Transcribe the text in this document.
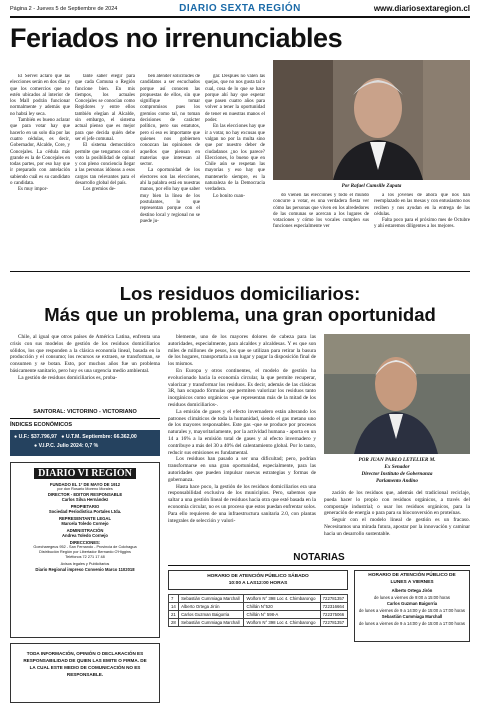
Página 2 - Jueves 5 de Septiembre de 2024	DIARIO SEXTA REGIÓN	www.diariosextaregion.cl
Feriados no irrenunciables

El Servel aclaró que las elecciones serán en dos días y que los comercios que no estén ubicados al interior de los Mall podrán funcionar normalmente y además que no habrá ley seca.

También es bueno aclarar que para votar hay que hacerlo en un solo día por las cuatro cédulas, es decir, Gobernador, Alcalde, Core, y Concejales. La cédula más grande es la de Concejales en todas partes, por eso hay que ir preparado con antelación sabiendo cuál es su candidato o candidata.

Es muy impor-

tante saber elegir para que cada Comuna o Región funcione bien. En mis tiempos, los actuales Concejales se conocían como Regidores y entre ellos también elegían al Alcalde, sin embargo, el sistema actual pienso que es mejor para que decida quién debe ser el jefe comunal.

El sistema democrático permite que tengamos con el voto la posibilidad de opinar y con pleno conciencia llegar a las personas idóneas a esos cargos tan relevantes para el desarrollo global del país.

Los gremios de-

ben atender solicitudes de candidatos a ser escuchados porque así conocen las propuestas de ellos, sin que signifique tomar compromisos pues los gremios como tal, no toman decisiones de carácter político, pero sus estatutos, pero sí eso es importante que quienes nos gobiernen conozcan las opiniones de aquellos que piensan en materias que interesan al sector.

La oportunidad de los electores son las elecciones, ahí la palabra está en nuestras manos, por ello hay que saber muy bien la línea de los postulantes, lo que representan porque con el destino local y regional no se puede ju-

gar. Después no valen las quejas, que no nos gusta tal o cual, cosa de lo que se hace porque ahí hay que esperar que pasen cuatro años para volver a tener la oportunidad de tener en nuestras manos el poder.

En las elecciones hay que ir a votar, no hay excusas que valgan no por la multa sino que por nuestro deber de ciudadanos ¿no los parece? Elecciones, lo bueno que en Chile aún se respetan las mayorías y eso hay que mantenerlo siempre, es la naturaleza de la Democracia verdadera.

Lo bonito cuan-

Por Rafael Cumsille Zapata

do vienen las elecciones y todo el mundo concurre a votar, es una verdadera fiesta ver cómo las personas que viven en los alrededores de las comunas se acercan a los lugares de votaciones y cómo los vocales cumplen sus funciones especialmente ver

a los jóvenes de ahora que nos han reemplazado en las mesas y con entusiasmo nos reciben y nos ayudan en la entrega de las cédulas.

Falta poco para el próximo mes de Octubre y ahí estaremos diligentes a los mejores.

Los residuos domiciliarios:
Más que un problema, una gran oportunidad

Chile, al igual que otros países de América Latina, enfrenta una crisis con sus modelos de gestión de los residuos domiciliarios sólidos, los que responden a la clásica economía lineal, basada en la producción y el consumo; los recursos se extraen, se transforman, se consumen y se botan. Esto, por muchos años fue un problema básicamente sanitario, pero hoy es una urgencia medio ambiental.

La gestión de residuos domiciliarios es, proba-

blemente, uno de los mayores dolores de cabeza para las autoridades, especialmente, para alcaldes y alcaldesas. Y es que son miles de millones de pesos, los que se utilizan para retirar la basura de los hogares, transportarla a un lugar y pagar la disposición final de los mismos.

En Europa y otros continentes, el modelo de gestión ha evolucionado hacia la economía circular, la que permite recuperar, valorizar y transformar los residuos. Es decir, además de las clásicas 3R, han ocupado fórmulas que permiten valorizar los residuos tanto inorgánicos como orgánicos -que representan más de la mitad de los residuos domiciliarios-.

La emisión de gases y el efecto invernadero están alterando los patrones climáticos de toda la humanidad, siendo el gas metano uno de los mayores responsables. Este gas -que se produce por procesos naturales y, mayoritariamente, por la actividad humana - aporta en un 14 a 16% a la emisión total de gases y al efecto invernadero y contribuye a más del 30 a 40% del calentamiento global. Por lo tanto, reducir sus emisiones es fundamental.

Los residuos han pasado a ser una dificultad; pero, podrían transformarse en una gran oportunidad, especialmente, para las autoridades que pueden impulsar nuevas estrategias y formas de gobernanza.

Hasta hace poco, la gestión de los residuos domiciliarios era una responsabilidad exclusiva de los municipios. Pero, sabemos que saltar a una gestión lineal de residuos hacia otra que esté basada en la economía circular, no es un proceso que estos puedan enfrentar solos. Para ello requieren de una infraestructura sanitaria 2.0, con plantas integrales de selección y valori-

POR JUAN PABLO LETELIER M.
Ex Senador
Director Instituto de Gobernanza
Parlamento Andino

zación de los residuos que, además del tradicional reciclaje, pueda hacer lo propio con residuos orgánicos, a través del compostaje industrial; o usar los residuos orgánicos, para la generación de energía o para para su bioconversión en proteínas.

Seguir con el modelo lineal de gestión es un fracaso. Necesitamos una mirada futura, apostar por la innovación y caminar hacia un desarrollo sustentable.

SANTORAL: VICTORINO - VICTORIANO
ÍNDICES ECONÓMICOS
● U.F.: $37.796,97 ● U.T.M. Septiembre: 66.362,00
● V.I.P.C. Julio 2024: 0,7 %
DIARIO VI REGIÓN
FUNDADO EL 1º DE MAYO DE 1912
por don Rosario Moreno Morales
DIRECTOR - EDITOR RESPONSABLE
Carlos Silva Hernández
PROPIETARIO
Sociedad Periodística Portales Ltda.
REPRESENTANTE LEGAL
Marcela Toledo Cornejo
ADMINISTRACIÓN
Andrea Toledo Cornejo
DIRECCIONES:
Goecharegeus 952 - San Fernando - Provincia de Colchagua
Distribución Región por Libertador Bernardo O'Higgins
Teléfonos 72 271 17 48
Avisos legales y Publicitarios
Diario Regional impreso Convenio Marco 1102018
TODA INFORMACIÓN, OPINIÓN O DECLARACIÓN ES RESPONSABILIDAD DE QUIEN LAS EMITE O FIRMA. DE LA CUAL ESTE MEDIO DE COMUNICACIÓN NO ES RESPONSABLE.
NOTARIAS
HORARIO DE ATENCIÓN PÚBLICO SÁBADO
10:00 A LAS12:00 HORAS
7	Sebastián Cummiaga Marchall	Wolforn N° 398 Loc 4. Chimbarongo	722781357
14	Alberto Ortega Jirón	Chillán N°520	722316664
21	Carlos Guzman Baigorria	Chillán N° 598-A	722375066
28	Sebastián Cummiaga Marchall	Wolforn N° 398 Loc 4. Chimbarongo	722781357
HORARIO DE ATENCIÓN PÚBLICO DE
LUNES A VIERNES
Alberto Ortega Jirón
de lunes a viernes de 9:00 a 15:00 horas
Carlos Guzman Baigorria
de lunes a viernes de 9 a 14:00 y de 15:00 a 17:00 horas
Sebastián Cummiaga Marchall
de lunes a viernes de 9 a 14:00 y de 15:00 a 17:00 horas
